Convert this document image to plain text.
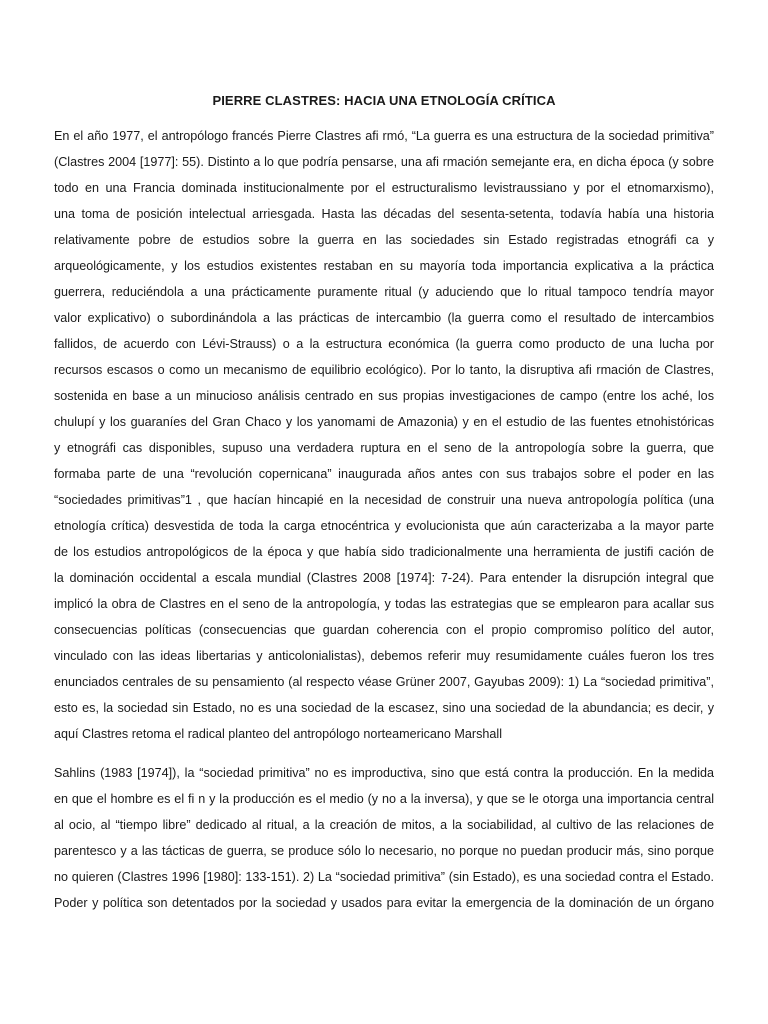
PIERRE CLASTRES: HACIA UNA ETNOLOGÍA CRÍTICA
En el año 1977, el antropólogo francés Pierre Clastres afi rmó, “La guerra es una estructura de la sociedad primitiva”
(Clastres 2004 [1977]: 55). Distinto a lo que podría pensarse, una afi rmación semejante era, en dicha época (y sobre
todo en una Francia dominada institucionalmente por el estructuralismo levistraussiano y por el etnomarxismo),
una toma de posición intelectual arriesgada. Hasta las décadas del sesenta-setenta, todavía había una historia
relativamente pobre de estudios sobre la guerra en las sociedades sin Estado registradas etnográfi ca y
arqueológicamente, y los estudios existentes restaban en su mayoría toda importancia explicativa a la práctica
guerrera, reduciéndola a una prácticamente puramente ritual (y aduciendo que lo ritual tampoco tendría mayor
valor explicativo) o subordinándola a las prácticas de intercambio (la guerra como el resultado de intercambios
fallidos, de acuerdo con Lévi-Strauss) o a la estructura económica (la guerra como producto de una lucha por
recursos escasos o como un mecanismo de equilibrio ecológico). Por lo tanto, la disruptiva afi rmación de Clastres,
sostenida en base a un minucioso análisis centrado en sus propias investigaciones de campo (entre los aché, los
chulupí y los guaraníes del Gran Chaco y los yanomami de Amazonia) y en el estudio de las fuentes etnohistóricas
y etnográfi cas disponibles, supuso una verdadera ruptura en el seno de la antropología sobre la guerra, que
formaba parte de una “revolución copernicana” inaugurada años antes con sus trabajos sobre el poder en las
“sociedades primitivas”1 , que hacían hincapié en la necesidad de construir una nueva antropología política (una
etnología crítica) desvestida de toda la carga etnocéntrica y evolucionista que aún caracterizaba a la mayor parte
de los estudios antropológicos de la época y que había sido tradicionalmente una herramienta de justifi cación de
la dominación occidental a escala mundial (Clastres 2008 [1974]: 7-24). Para entender la disrupción integral que
implicó la obra de Clastres en el seno de la antropología, y todas las estrategias que se emplearon para acallar sus
consecuencias políticas (consecuencias que guardan coherencia con el propio compromiso político del autor,
vinculado con las ideas libertarias y anticolonialistas), debemos referir muy resumidamente cuáles fueron los tres
enunciados centrales de su pensamiento (al respecto véase Grüner 2007, Gayubas 2009): 1) La “sociedad primitiva”,
esto es, la sociedad sin Estado, no es una sociedad de la escasez, sino una sociedad de la abundancia; es decir, y
aquí Clastres retoma el radical planteo del antropólogo norteamericano Marshall
Sahlins (1983 [1974]), la “sociedad primitiva” no es improductiva, sino que está contra la producción. En la medida
en que el hombre es el fi n y la producción es el medio (y no a la inversa), y que se le otorga una importancia central
al ocio, al “tiempo libre” dedicado al ritual, a la creación de mitos, a la sociabilidad, al cultivo de las relaciones de
parentesco y a las tácticas de guerra, se produce sólo lo necesario, no porque no puedan producir más, sino porque
no quieren (Clastres 1996 [1980]: 133-151). 2) La “sociedad primitiva” (sin Estado), es una sociedad contra el Estado.
Poder y política son detentados por la sociedad y usados para evitar la emergencia de la dominación de un órgano
